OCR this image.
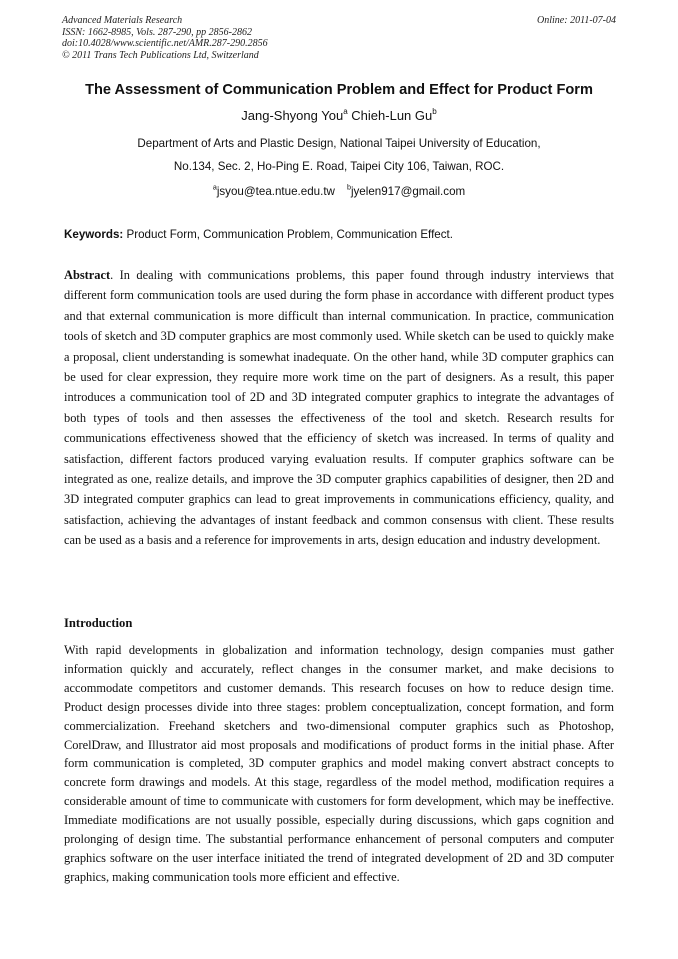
Advanced Materials Research
ISSN: 1662-8985, Vols. 287-290, pp 2856-2862
doi:10.4028/www.scientific.net/AMR.287-290.2856
© 2011 Trans Tech Publications Ltd, Switzerland
Online: 2011-07-04
The Assessment of Communication Problem and Effect for Product Form
Jang-Shyong You$^a$ Chieh-Lun Gu$^b$
Department of Arts and Plastic Design, National Taipei University of Education,
No.134, Sec. 2, Ho-Ping E. Road, Taipei City 106, Taiwan, ROC.
$^a$jsyou@tea.ntue.edu.tw $^b$jyelen917@gmail.com
Keywords: Product Form, Communication Problem, Communication Effect.

Abstract. In dealing with communications problems, this paper found through industry interviews that different form communication tools are used during the form phase in accordance with different product types and that external communication is more difficult than internal communication. In practice, communication tools of sketch and 3D computer graphics are most commonly used. While sketch can be used to quickly make a proposal, client understanding is somewhat inadequate. On the other hand, while 3D computer graphics can be used for clear expression, they require more work time on the part of designers. As a result, this paper introduces a communication tool of 2D and 3D integrated computer graphics to integrate the advantages of both types of tools and then assesses the effectiveness of the tool and sketch. Research results for communications effectiveness showed that the efficiency of sketch was increased. In terms of quality and satisfaction, different factors produced varying evaluation results. If computer graphics software can be integrated as one, realize details, and improve the 3D computer graphics capabilities of designer, then 2D and 3D integrated computer graphics can lead to great improvements in communications efficiency, quality, and satisfaction, achieving the advantages of instant feedback and common consensus with client. These results can be used as a basis and a reference for improvements in arts, design education and industry development.

Introduction

With rapid developments in globalization and information technology, design companies must gather information quickly and accurately, reflect changes in the consumer market, and make decisions to accommodate competitors and customer demands. This research focuses on how to reduce design time. Product design processes divide into three stages: problem conceptualization, concept formation, and form commercialization. Freehand sketchers and two-dimensional computer graphics such as Photoshop, CorelDraw, and Illustrator aid most proposals and modifications of product forms in the initial phase. After form communication is completed, 3D computer graphics and model making convert abstract concepts to concrete form drawings and models. At this stage, regardless of the model method, modification requires a considerable amount of time to communicate with customers for form development, which may be ineffective. Immediate modifications are not usually possible, especially during discussions, which gaps cognition and prolonging of design time. The substantial performance enhancement of personal computers and computer graphics software on the user interface initiated the trend of integrated development of 2D and 3D computer graphics, making communication tools more efficient and effective.
